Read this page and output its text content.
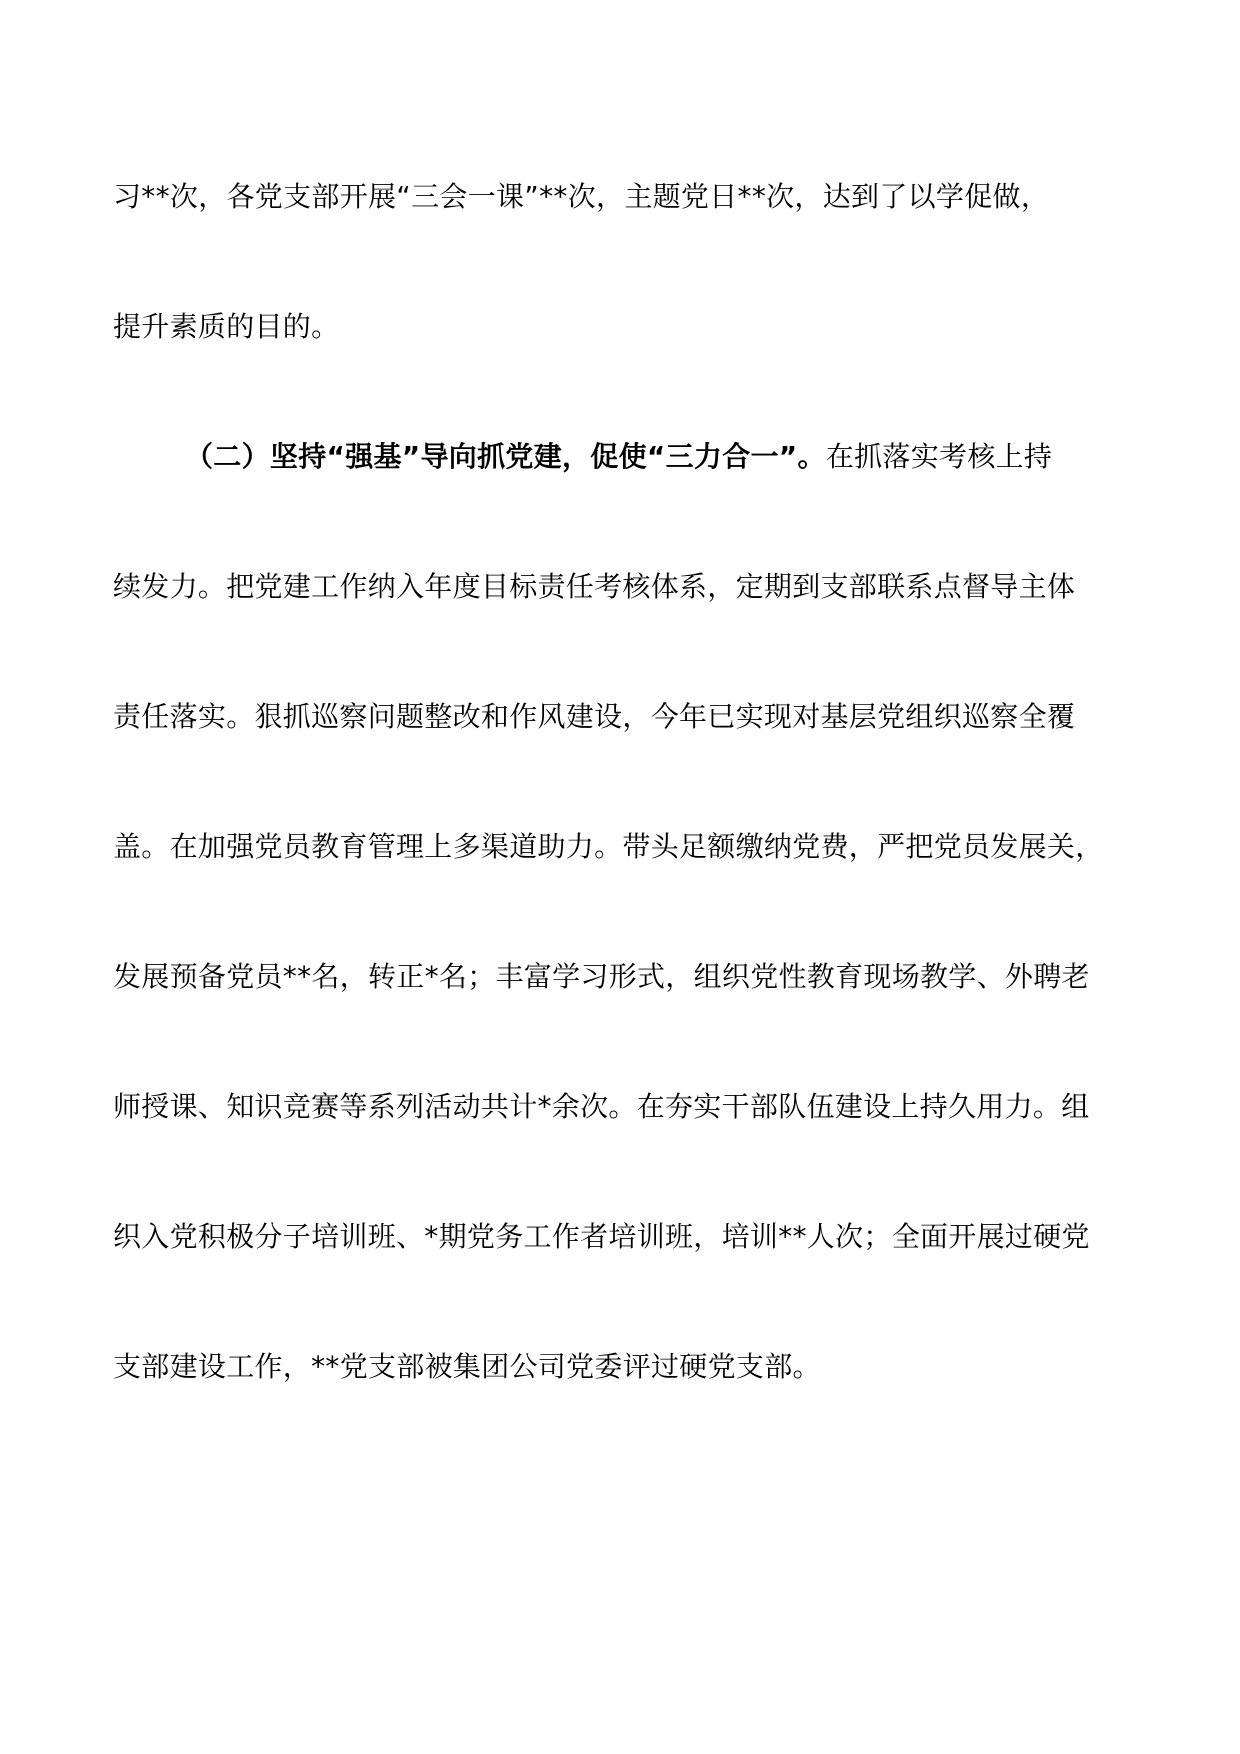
习**次，各党支部开展“三会一课”**次，主题党日**次，达到了以学促做，
提升素质的目的。
（二）坚持“强基”导向抓党建，促使“三力合一”。在抓落实考核上持
续发力。把党建工作纳入年度目标责任考核体系，定期到支部联系点督导主体
责任落实。狠抓巡察问题整改和作风建设，今年已实现对基层党组织巡察全覆
盖。在加强党员教育管理上多渠道助力。带头足额缴纳党费，严把党员发展关，
发展预备党员**名，转正*名；丰富学习形式，组织党性教育现场教学、外聘老
师授课、知识竞赛等系列活动共计*余次。在夯实干部队伍建设上持久用力。组
织入党积极分子培训班、*期党务工作者培训班，培训**人次；全面开展过硬党
支部建设工作，**党支部被集团公司党委评过硬党支部。
